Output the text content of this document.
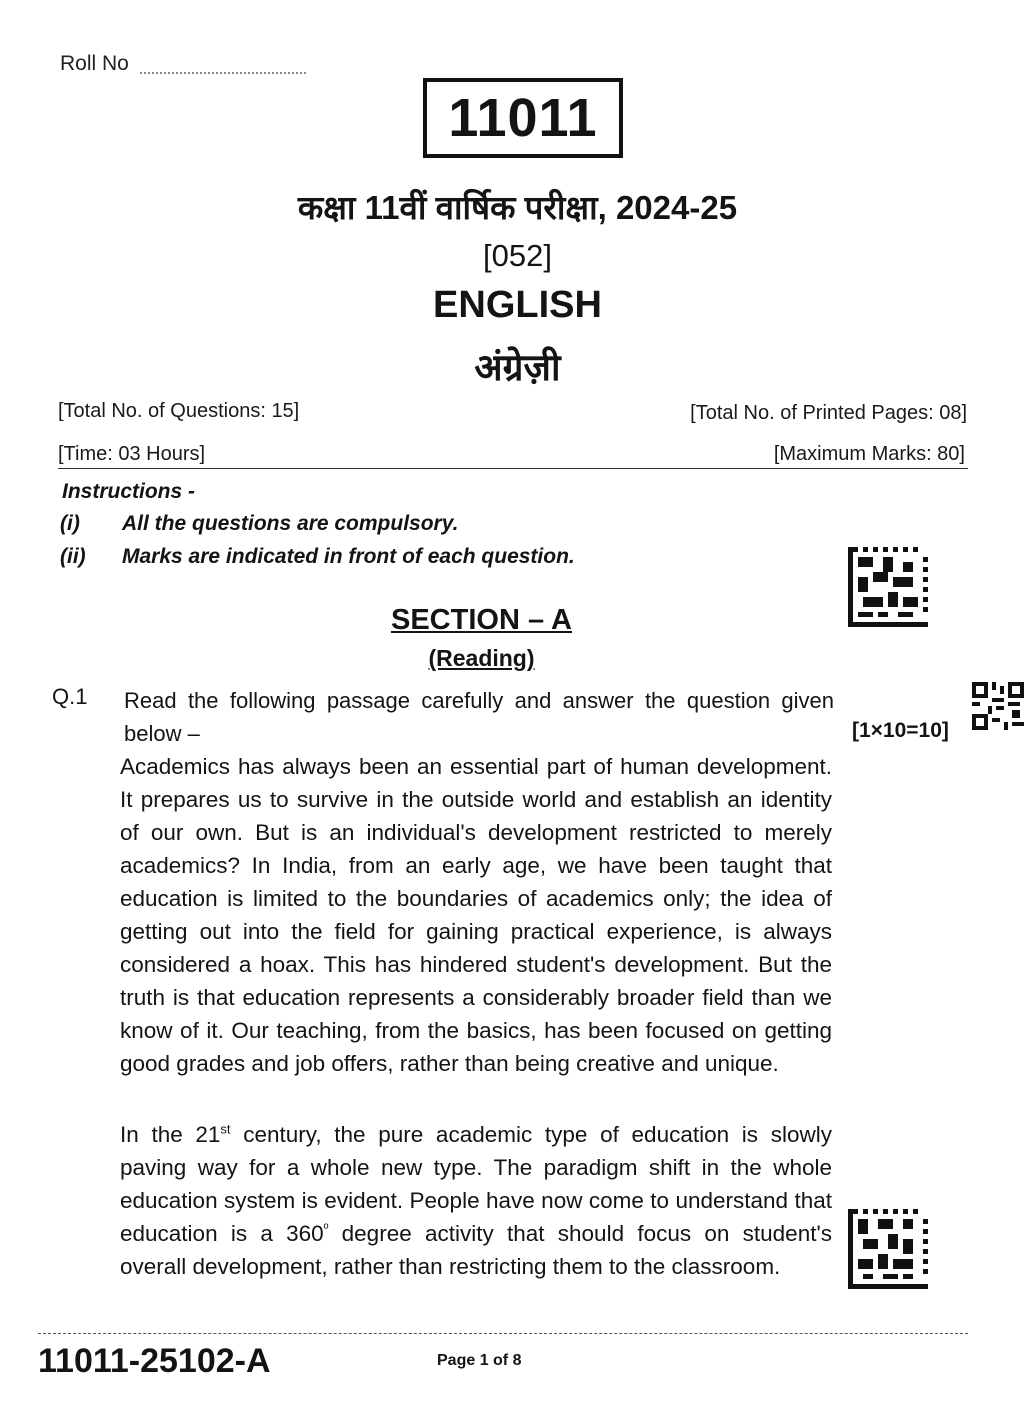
Roll No
11011
कक्षा 11वीं वार्षिक परीक्षा, 2024-25
[052]
ENGLISH
अंग्रेज़ी
[Total No. of Questions: 15]	[Total No. of Printed Pages: 08]
[Time: 03 Hours]	[Maximum Marks: 80]
Instructions -
(i) All the questions are compulsory.
(ii) Marks are indicated in front of each question.
SECTION – A
(Reading)
Q.1 Read the following passage carefully and answer the question given below –	[1×10=10]

Academics has always been an essential part of human development. It prepares us to survive in the outside world and establish an identity of our own. But is an individual's development restricted to merely academics? In India, from an early age, we have been taught that education is limited to the boundaries of academics only; the idea of getting out into the field for gaining practical experience, is always considered a hoax. This has hindered student's development. But the truth is that education represents a considerably broader field than we know of it. Our teaching, from the basics, has been focused on getting good grades and job offers, rather than being creative and unique.

In the 21st century, the pure academic type of education is slowly paving way for a whole new type. The paradigm shift in the whole education system is evident. People have now come to understand that education is a $360^º$ degree activity that should focus on student's overall development, rather than restricting them to the classroom.

11011-25102-A	Page 1 of 8
